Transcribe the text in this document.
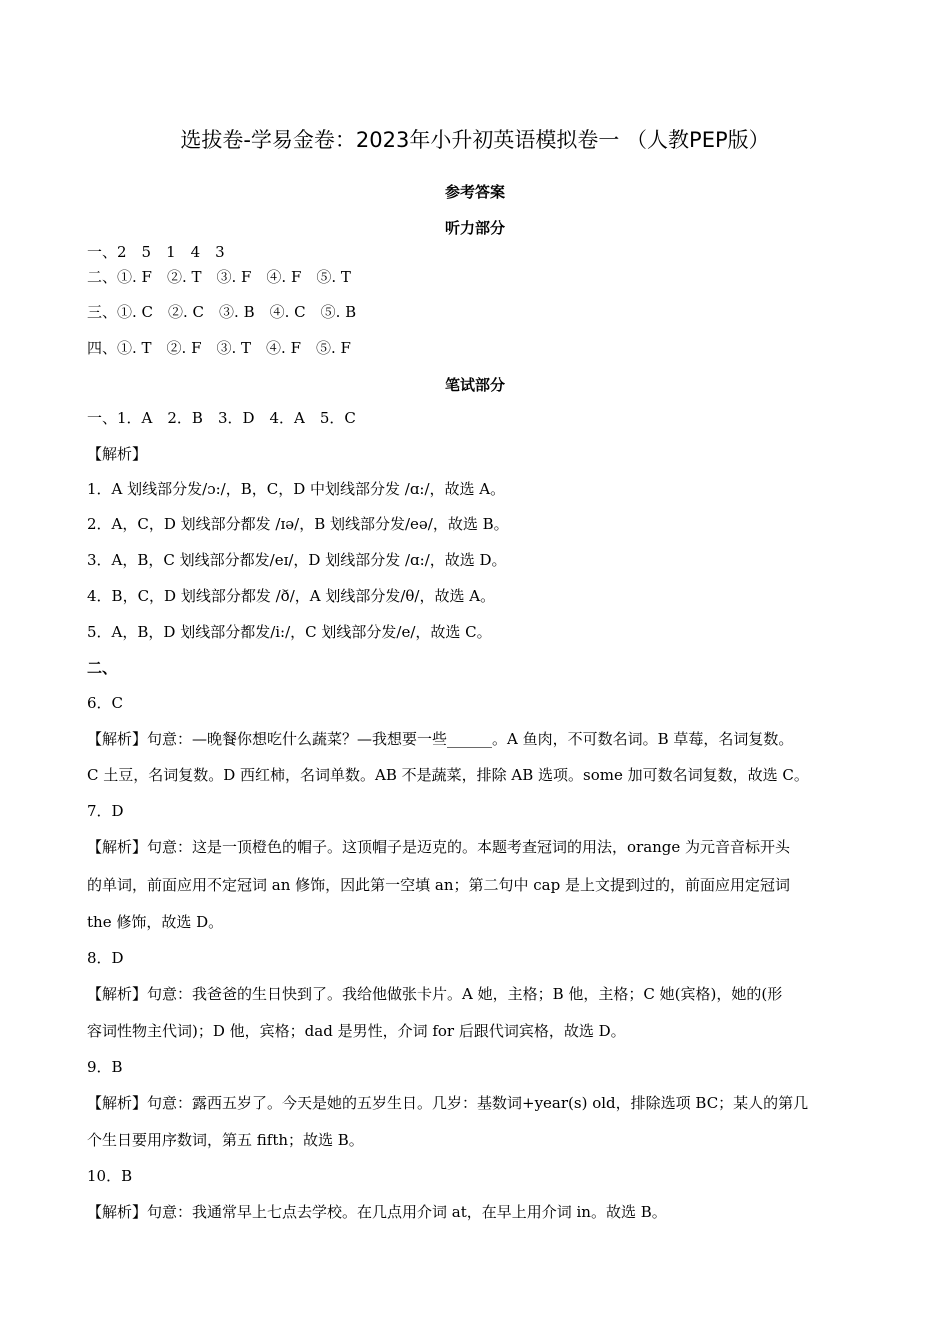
选拔卷-学易金卷：2023年小升初英语模拟卷一 （人教PEP版）
参考答案
听力部分
一、2　5　1　4　3
二、①. F　②. T　③. F　④. F　⑤. T
三、①. C　②. C　③. B　④. C　⑤. B
四、①. T　②. F　③. T　④. F　⑤. F
笔试部分
一、1．A　2．B　3．D　4．A　5．C
【解析】
1．A 划线部分发/ɔ:/，B，C，D 中划线部分发 /ɑ:/，故选 A。
2．A，C，D 划线部分都发 /ɪə/，B 划线部分发/eə/，故选 B。
3．A，B，C 划线部分都发/eɪ/，D 划线部分发 /ɑ:/，故选 D。
4．B，C，D 划线部分都发 /ð/，A 划线部分发/θ/，故选 A。
5．A，B，D 划线部分都发/i:/，C 划线部分发/e/，故选 C。
二、
6．C
【解析】句意：—晚餐你想吃什么蔬菜？—我想要一些______。A 鱼肉，不可数名词。B 草莓，名词复数。
C 土豆，名词复数。D 西红柿，名词单数。AB 不是蔬菜，排除 AB 选项。some 加可数名词复数，故选 C。
7．D
【解析】句意：这是一顶橙色的帽子。这顶帽子是迈克的。本题考查冠词的用法，orange 为元音音标开头
的单词，前面应用不定冠词 an 修饰，因此第一空填 an；第二句中 cap 是上文提到过的，前面应用定冠词
the 修饰，故选 D。
8．D
【解析】句意：我爸爸的生日快到了。我给他做张卡片。A 她，主格；B 他，主格；C 她(宾格)，她的(形
容词性物主代词)；D 他，宾格；dad 是男性，介词 for 后跟代词宾格，故选 D。
9．B
【解析】句意：露西五岁了。今天是她的五岁生日。几岁：基数词+year(s) old，排除选项 BC；某人的第几
个生日要用序数词，第五 fifth；故选 B。
10．B
【解析】句意：我通常早上七点去学校。在几点用介词 at，在早上用介词 in。故选 B。
